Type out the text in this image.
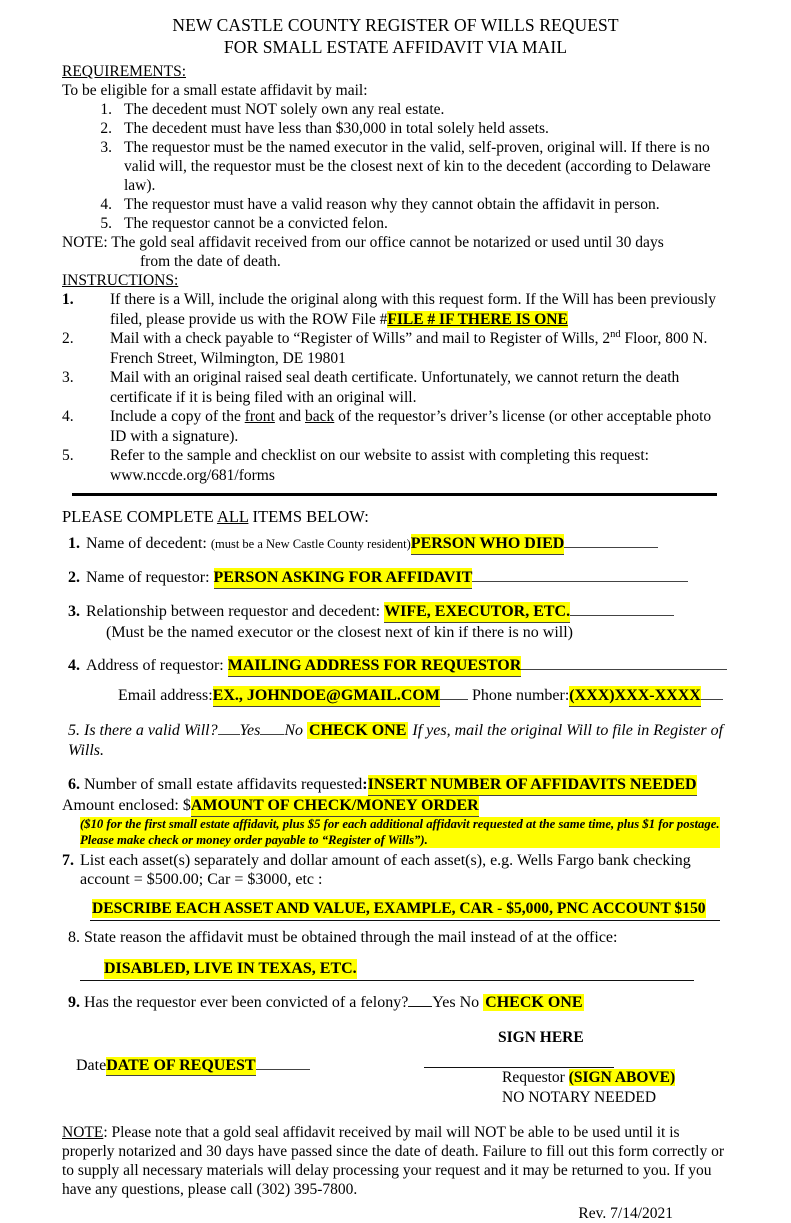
NEW CASTLE COUNTY REGISTER OF WILLS REQUEST
FOR SMALL ESTATE AFFIDAVIT VIA MAIL
REQUIREMENTS:
To be eligible for a small estate affidavit by mail:
1. The decedent must NOT solely own any real estate.
2. The decedent must have less than $30,000 in total solely held assets.
3. The requestor must be the named executor in the valid, self-proven, original will. If there is no valid will, the requestor must be the closest next of kin to the decedent (according to Delaware law).
4. The requestor must have a valid reason why they cannot obtain the affidavit in person.
5. The requestor cannot be a convicted felon.
NOTE: The gold seal affidavit received from our office cannot be notarized or used until 30 days
from the date of death.
INSTRUCTIONS:
1.	If there is a Will, include the original along with this request form. If the Will has been previously filed, please provide us with the ROW File #FILE # IF THERE IS ONE
2.	Mail with a check payable to “Register of Wills” and mail to Register of Wills, 2nd Floor, 800 N. French Street, Wilmington, DE 19801
3.	Mail with an original raised seal death certificate. Unfortunately, we cannot return the death certificate if it is being filed with an original will.
4.	Include a copy of the front and back of the requestor’s driver’s license (or other acceptable photo ID with a signature).
5.	Refer to the sample and checklist on our website to assist with completing this request:
www.nccde.org/681/forms
PLEASE COMPLETE ALL ITEMS BELOW:
1. Name of decedent: (must be a New Castle County resident)PERSON WHO DIED
2. Name of requestor: PERSON ASKING FOR AFFIDAVIT
3. Relationship between requestor and decedent: WIFE, EXECUTOR, ETC.
(Must be the named executor or the closest next of kin if there is no will)
4. Address of requestor: MAILING ADDRESS FOR REQUESTOR
Email address:EX., JOHNDOE@GMAIL.COM Phone number:(XXX)XXX-XXXX
5. Is there a valid Will? Yes No CHECK ONE If yes, mail the original Will to file in Register of Wills.
6. Number of small estate affidavits requested:INSERT NUMBER OF AFFIDAVITS NEEDED
Amount enclosed: $AMOUNT OF CHECK/MONEY ORDER
($10 for the first small estate affidavit, plus $5 for each additional affidavit requested at the same time, plus $1 for postage. Please make check or money order payable to “Register of Wills”).
7. List each asset(s) separately and dollar amount of each asset(s), e.g. Wells Fargo bank checking account = $500.00; Car = $3000, etc : DESCRIBE EACH ASSET AND VALUE, EXAMPLE, CAR - $5,000, PNC ACCOUNT $150
8. State reason the affidavit must be obtained through the mail instead of at the office:
DISABLED, LIVE IN TEXAS, ETC.
9. Has the requestor ever been convicted of a felony? Yes No CHECK ONE
DateDATE OF REQUEST
SIGN HERE
Requestor (SIGN ABOVE)
NO NOTARY NEEDED
NOTE: Please note that a gold seal affidavit received by mail will NOT be able to be used until it is properly notarized and 30 days have passed since the date of death. Failure to fill out this form correctly or to supply all necessary materials will delay processing your request and it may be returned to you. If you have any questions, please call (302) 395-7800.
Rev. 7/14/2021
